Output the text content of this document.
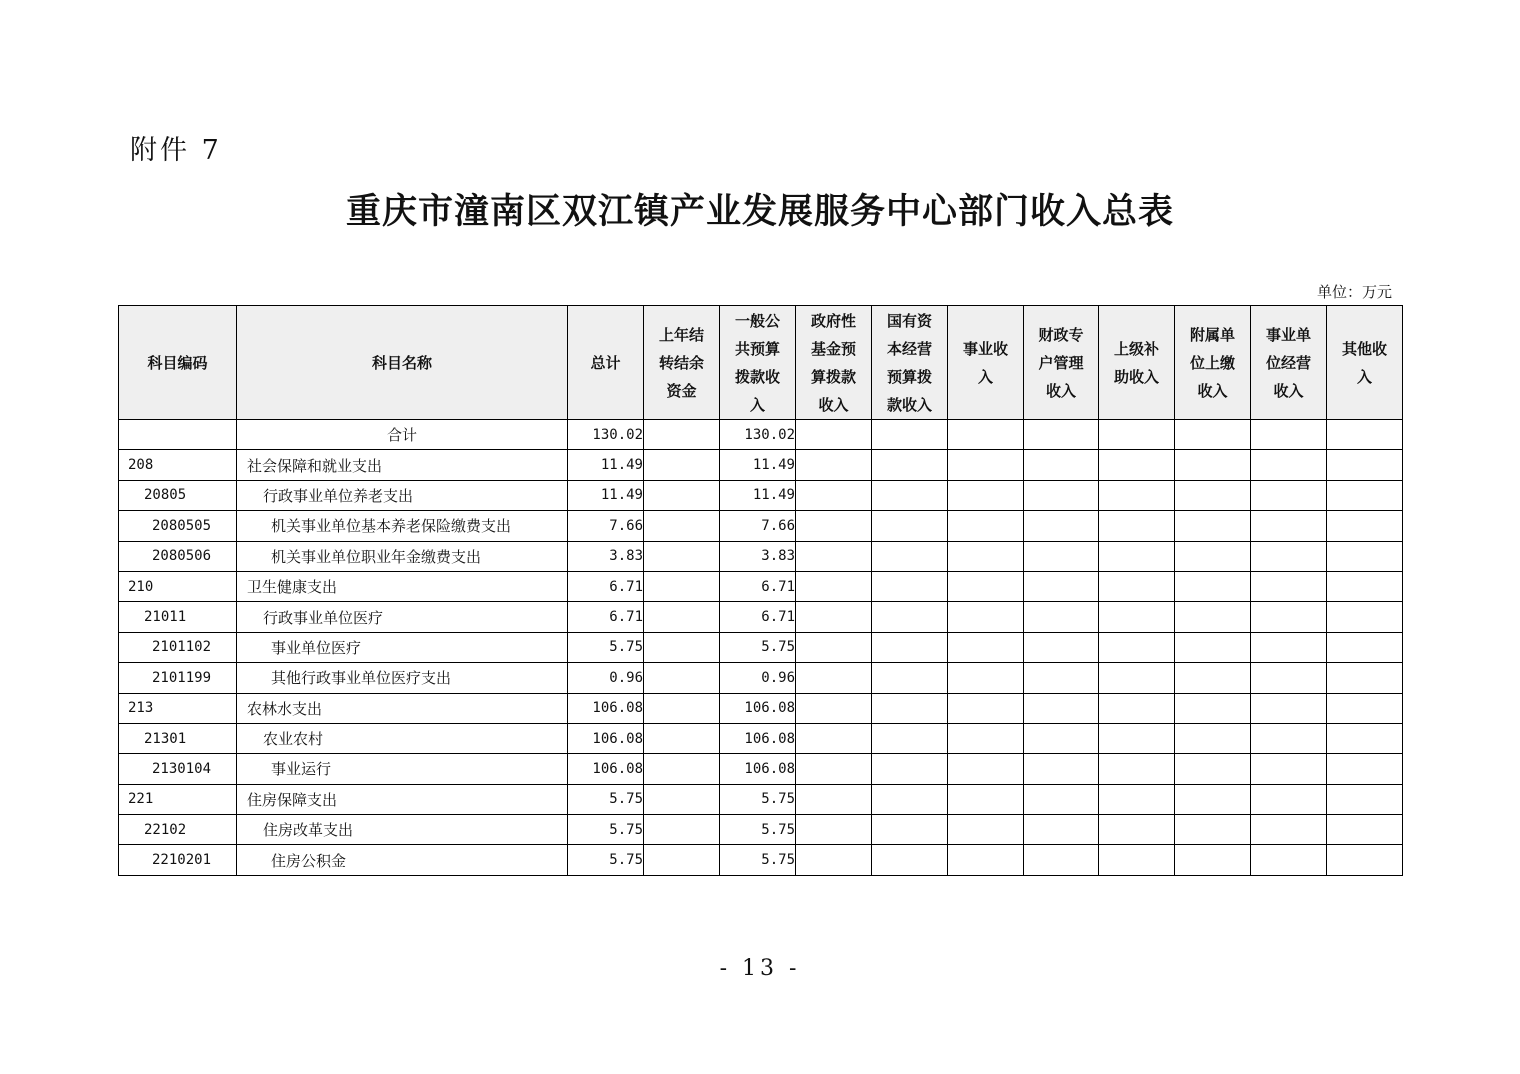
附件 7
重庆市潼南区双江镇产业发展服务中心部门收入总表
单位：万元
科目编码	科目名称	总计	上年结转结余资金	一般公共预算拨款收入	政府性基金预算拨款收入	国有资本经营预算拨款收入	事业收入	财政专户管理收入	上级补助收入	附属单位上缴收入	事业单位经营收入	其他收入
	合计	130.02		130.02								
208	社会保障和就业支出	11.49		11.49								
20805	行政事业单位养老支出	11.49		11.49								
2080505	机关事业单位基本养老保险缴费支出	7.66		7.66								
2080506	机关事业单位职业年金缴费支出	3.83		3.83								
210	卫生健康支出	6.71		6.71								
21011	行政事业单位医疗	6.71		6.71								
2101102	事业单位医疗	5.75		5.75								
2101199	其他行政事业单位医疗支出	0.96		0.96								
213	农林水支出	106.08		106.08								
21301	农业农村	106.08		106.08								
2130104	事业运行	106.08		106.08								
221	住房保障支出	5.75		5.75								
22102	住房改革支出	5.75		5.75								
2210201	住房公积金	5.75		5.75								
- 13 -
